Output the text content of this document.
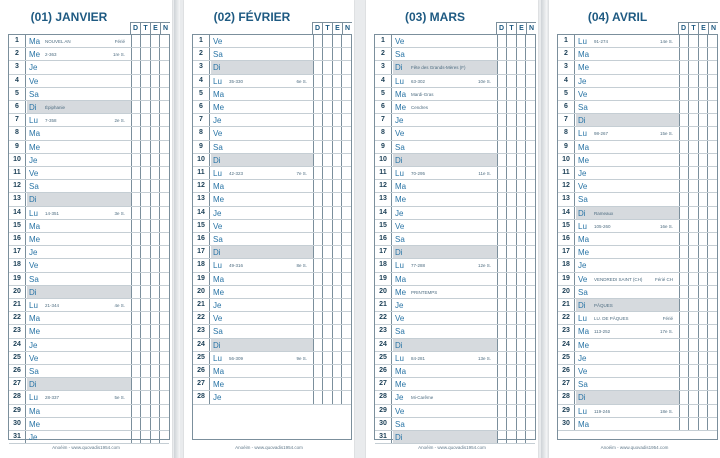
(01) JANVIER
D T E N
1	Ma NOUVEL AN	Férié
2	Me 2-363	1re S.
3	Je
4	Ve
5	Sa
6	Di Épiphanie
7	Lu 7-358	2e S.
8	Ma
9	Me
10	Je
11	Ve
12	Sa
13	Di
14	Lu 14-351	3e S.
15	Ma
16	Me
17	Je
18	Ve
19	Sa
20	Di
21	Lu 21-344	4e S.
22	Ma
23	Me
24	Je
25	Ve
26	Sa
27	Di
28	Lu 28-337	5e S.
29	Ma
30	Me
31	Je
Anoéim - www.quovadis1954.com
(02) FÉVRIER
D T E N
1	Ve
2	Sa
3	Di
4	Lu 35-330	6e S.
5	Ma
6	Me
7	Je
8	Ve
9	Sa
10	Di
11	Lu 42-323	7e S.
12	Ma
13	Me
14	Je
15	Ve
16	Sa
17	Di
18	Lu 49-316	8e S.
19	Ma
20	Me
21	Je
22	Ve
23	Sa
24	Di
25	Lu 56-309	9e S.
26	Ma
27	Me
28	Je
Anoéim - www.quovadis1954.com
(03) MARS
D T E N
1	Ve
2	Sa
3	Di Fête des Grands-Mères (F)
4	Lu 63-302	10e S.
5	Ma Mardi-Gras
6	Me Cendres
7	Je
8	Ve
9	Sa
10	Di
11	Lu 70-295	11e S.
12	Ma
13	Me
14	Je
15	Ve
16	Sa
17	Di
18	Lu 77-288	12e S.
19	Ma
20	Me PRINTEMPS
21	Je
22	Ve
23	Sa
24	Di
25	Lu 84-281	13e S.
26	Ma
27	Me
28	Je Mi-Carême
29	Ve
30	Sa
31	Di
Anoéim - www.quovadis1954.com
(04) AVRIL
D T E N
1	Lu 91-274	14e S.
2	Ma
3	Me
4	Je
5	Ve
6	Sa
7	Di
8	Lu 98-267	15e S.
9	Ma
10	Me
11	Je
12	Ve
13	Sa
14	Di Rameaux
15	Lu 105-260	16e S.
16	Ma
17	Me
18	Je
19	Ve VENDREDI SAINT (CH)	Férié CH
20	Sa
21	Di PÂQUES
22	Lu LU. DE PÂQUES	Férié
23	Ma 113-252	17e S.
24	Me
25	Je
26	Ve
27	Sa
28	Di
29	Lu 119-246	18e S.
30	Ma
Anoéim - www.quovadis1954.com
